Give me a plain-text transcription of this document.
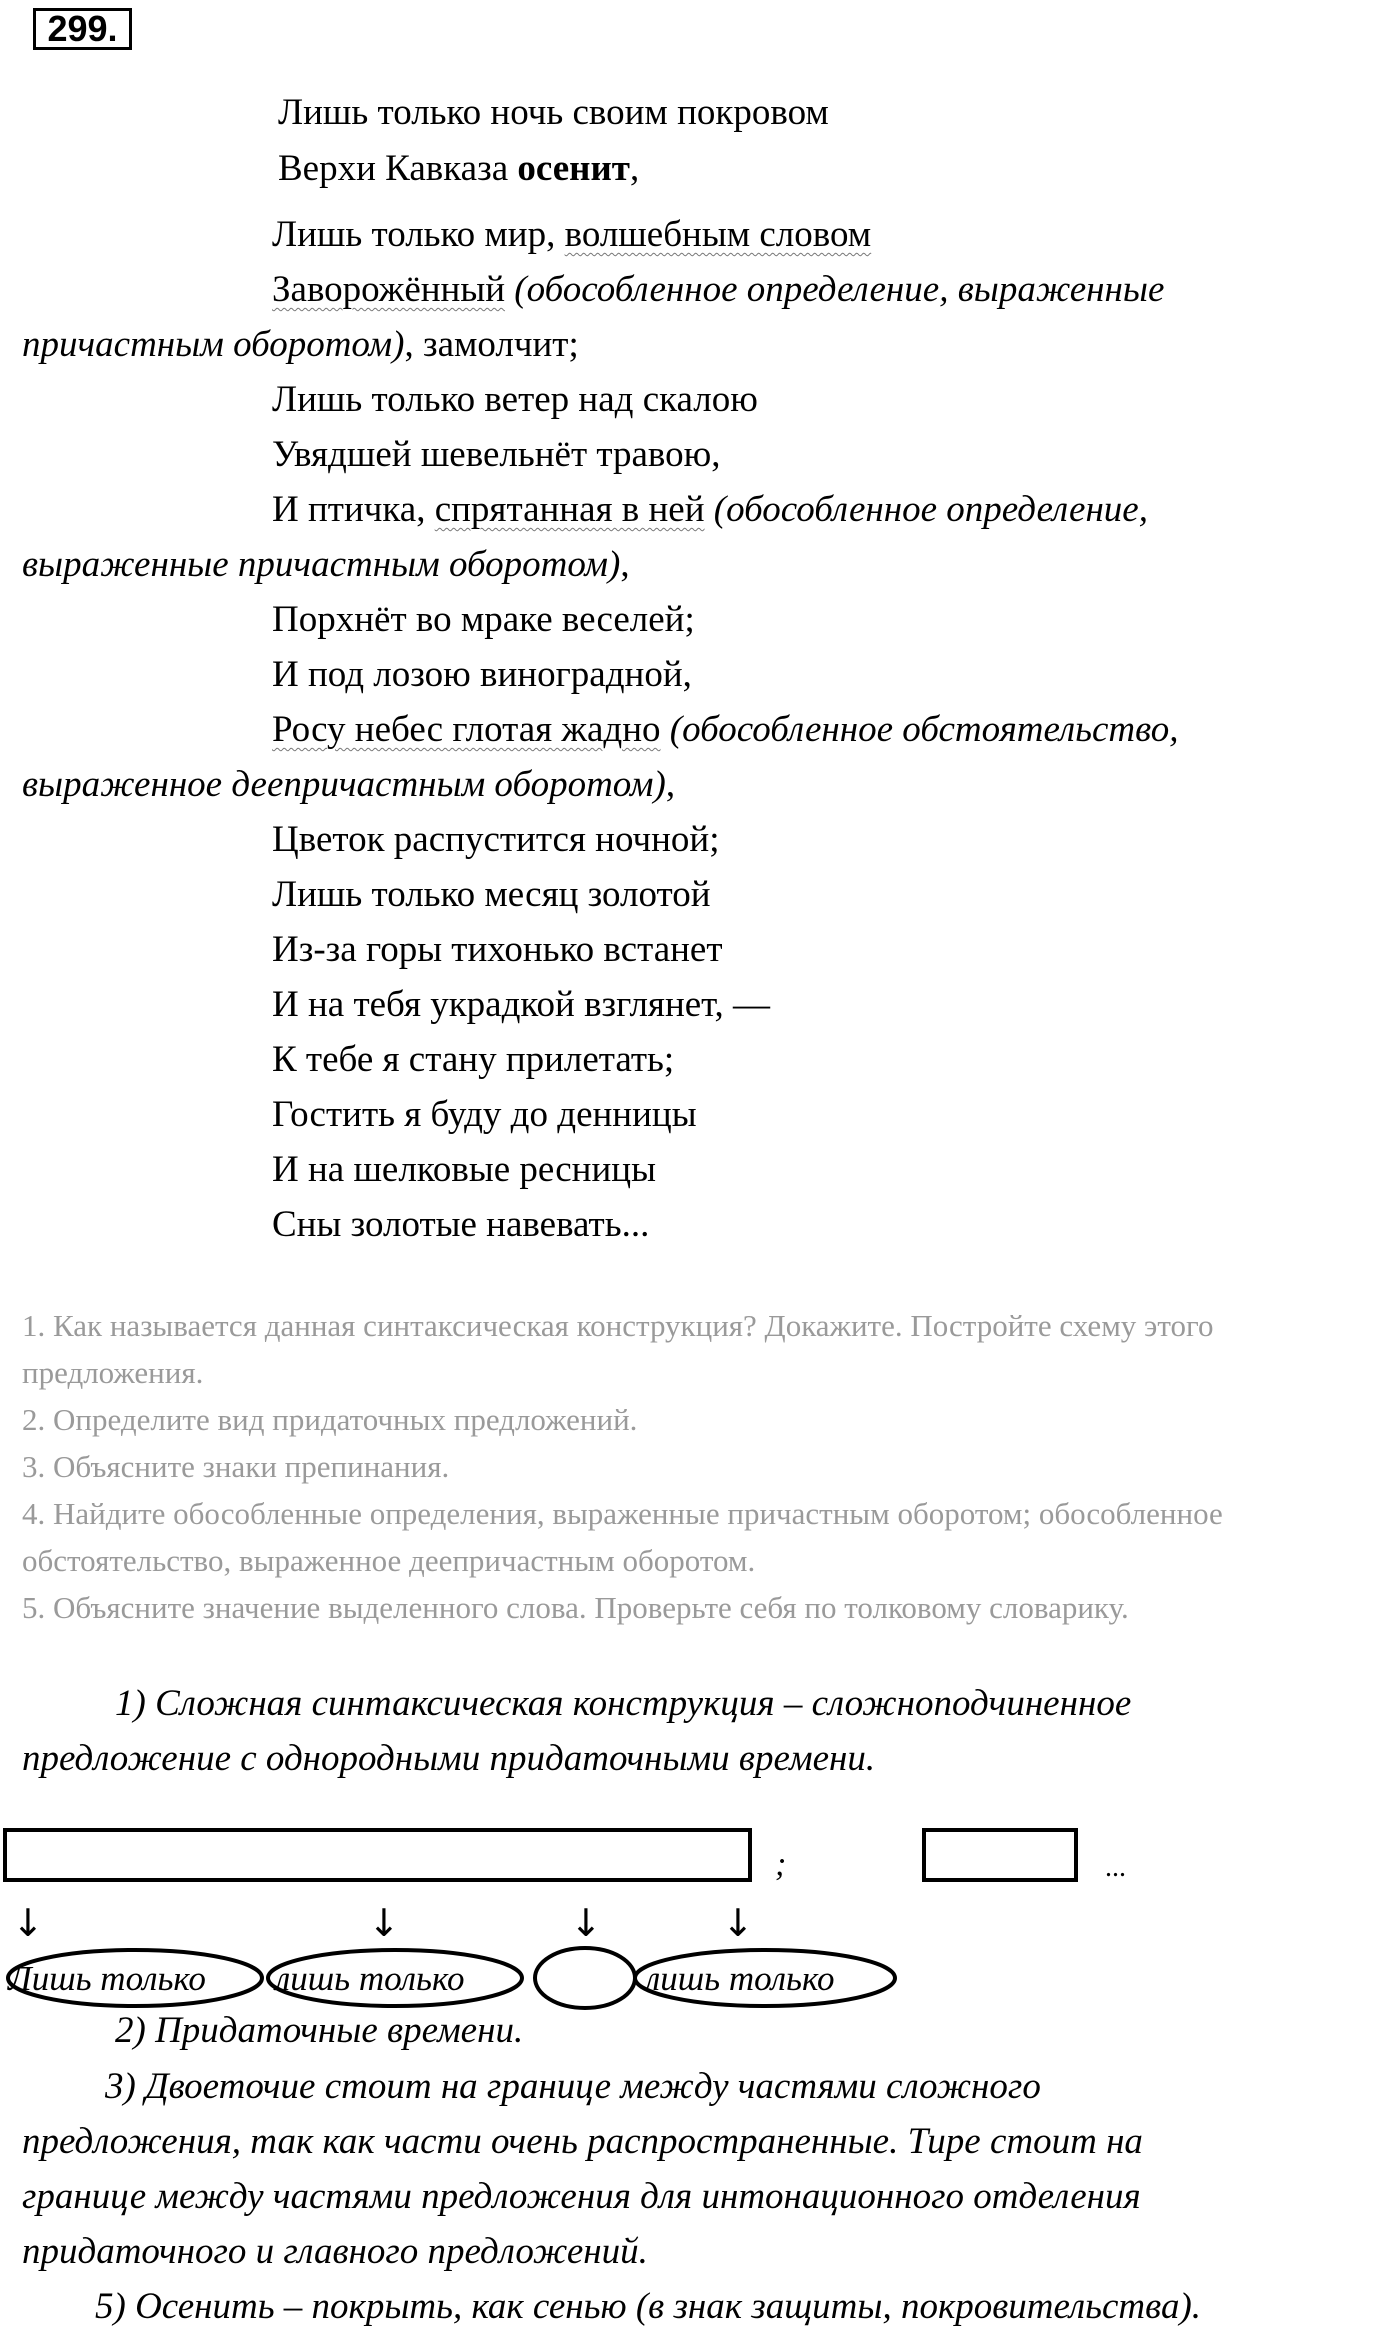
299.
Лишь только ночь своим покровом
Верхи Кавказа осенит,
Лишь только мир, волшебным словом
Заворожённый (обособленное определение, выраженные
причастным оборотом), замолчит;
Лишь только ветер над скалою
Увядшей шевельнёт травою,
И птичка, спрятанная в ней (обособленное определение,
выраженные причастным оборотом),
Порхнёт во мраке веселей;
И под лозою виноградной,
Росу небес глотая жадно (обособленное обстоятельство,
выраженное деепричастным оборотом),
Цветок распустится ночной;
Лишь только месяц золотой
Из-за горы тихонько встанет
И на тебя украдкой взглянет, —
К тебе я стану прилетать;
Гостить я буду до денницы
И на шелковые ресницы
Сны золотые навевать...
1. Как называется данная синтаксическая конструкция? Докажите. Постройте схему этого
предложения.
2. Определите вид придаточных предложений.
3. Объясните знаки препинания.
4. Найдите обособленные определения, выраженные причастным оборотом; обособленное
обстоятельство, выраженное деепричастным оборотом.
5. Объясните значение выделенного слова. Проверьте себя по толковому словарику.
1) Сложная синтаксическая конструкция – сложноподчиненное
предложение с однородными придаточными времени.
;	...
↓	↓	↓	↓
Лишь только лишь только	лишь только
2) Придаточные времени.
3) Двоеточие стоит на границе между частями сложного
предложения, так как части очень распространенные. Тире стоит на
границе между частями предложения для интонационного отделения
придаточного и главного предложений.
5) Осенить – покрыть, как сенью (в знак защиты, покровительства).
